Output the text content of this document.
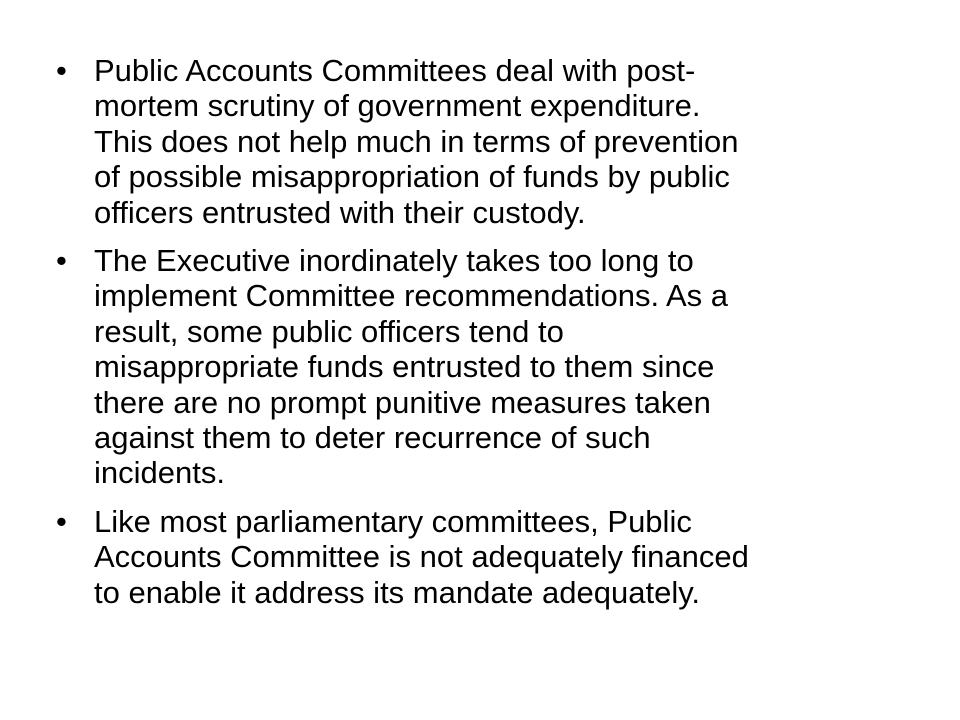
• Public Accounts Committees deal with post-
mortem scrutiny of government expenditure.
This does not help much in terms of prevention
of possible misappropriation of funds by public
officers entrusted with their custody.
• The Executive inordinately takes too long to
implement Committee recommendations. As a
result, some public officers tend to
misappropriate funds entrusted to them since
there are no prompt punitive measures taken
against them to deter recurrence of such
incidents.
• Like most parliamentary committees, Public
Accounts Committee is not adequately financed
to enable it address its mandate adequately.
